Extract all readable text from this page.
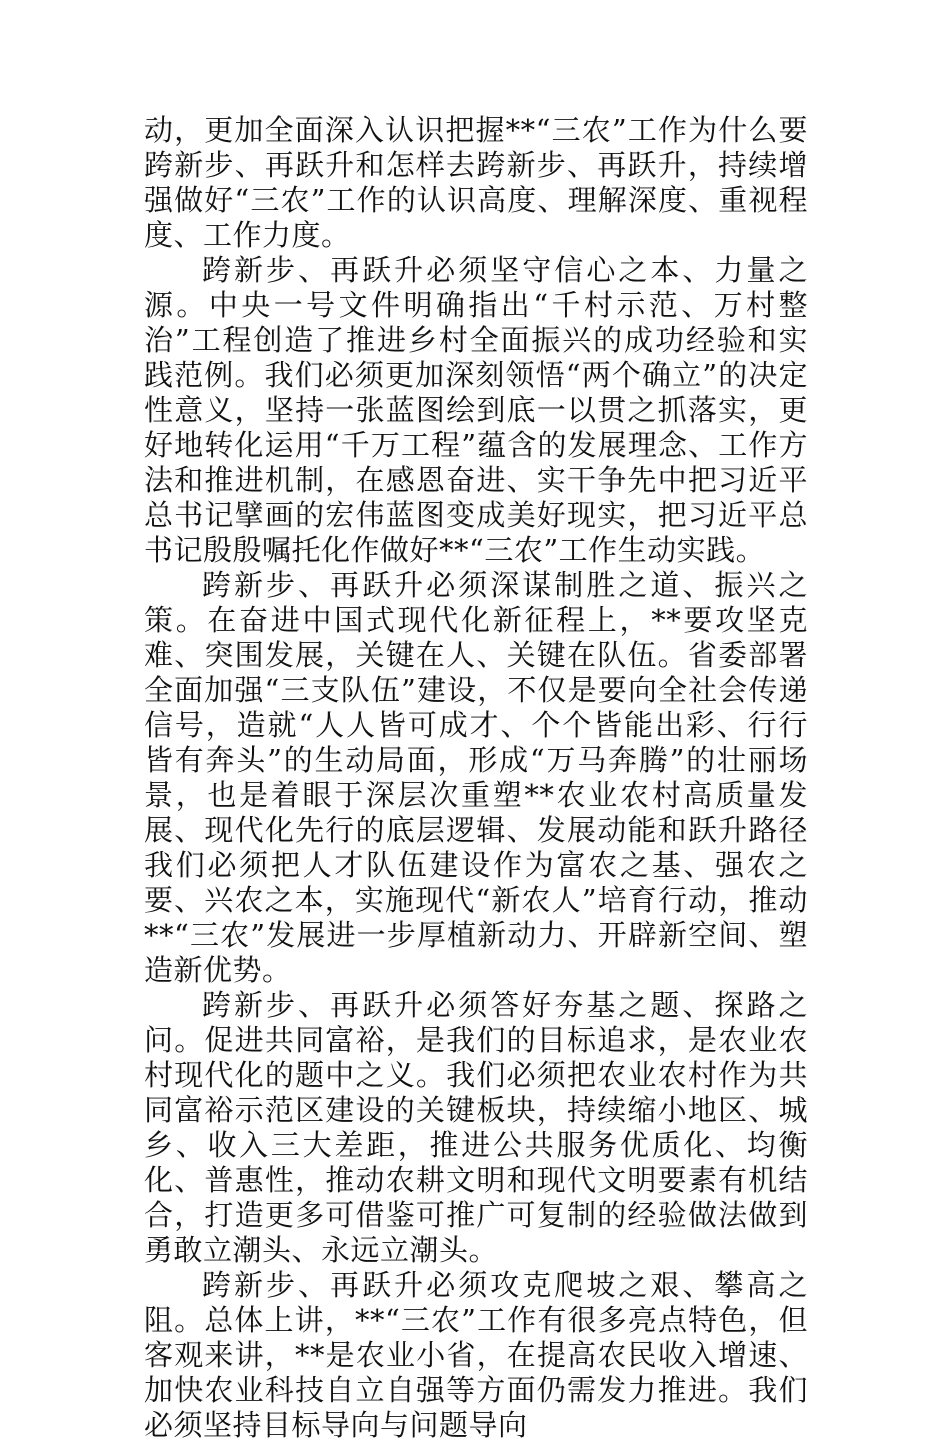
动，更加全面深入认识把握**“三农”工作为什么要跨新步、再跃升和怎样去跨新步、再跃升，持续增强做好“三农”工作的认识高度、理解深度、重视程度、工作力度。

跨新步、再跃升必须坚守信心之本、力量之源。中央一号文件明确指出“千村示范、万村整治”工程创造了推进乡村全面振兴的成功经验和实践范例。我们必须更加深刻领悟“两个确立”的决定性意义，坚持一张蓝图绘到底一以贯之抓落实，更好地转化运用“千万工程”蕴含的发展理念、工作方法和推进机制，在感恩奋进、实干争先中把习近平总书记擘画的宏伟蓝图变成美好现实，把习近平总书记殷殷嘱托化作做好**“三农”工作生动实践。

跨新步、再跃升必须深谋制胜之道、振兴之策。在奋进中国式现代化新征程上，**要攻坚克难、突围发展，关键在人、关键在队伍。省委部署全面加强“三支队伍”建设，不仅是要向全社会传递信号，造就“人人皆可成才、个个皆能出彩、行行皆有奔头”的生动局面，形成“万马奔腾”的壮丽场景，也是着眼于深层次重塑**农业农村高质量发展、现代化先行的底层逻辑、发展动能和跃升路径我们必须把人才队伍建设作为富农之基、强农之要、兴农之本，实施现代“新农人”培育行动，推动**“三农”发展进一步厚植新动力、开辟新空间、塑造新优势。

跨新步、再跃升必须答好夯基之题、探路之问。促进共同富裕，是我们的目标追求，是农业农村现代化的题中之义。我们必须把农业农村作为共同富裕示范区建设的关键板块，持续缩小地区、城乡、收入三大差距，推进公共服务优质化、均衡化、普惠性，推动农耕文明和现代文明要素有机结合，打造更多可借鉴可推广可复制的经验做法做到勇敢立潮头、永远立潮头。

跨新步、再跃升必须攻克爬坡之艰、攀高之阻。总体上讲，**“三农”工作有很多亮点特色，但客观来讲，**是农业小省，在提高农民收入增速、加快农业科技自立自强等方面仍需发力推进。我们必须坚持目标导向与问题导向
